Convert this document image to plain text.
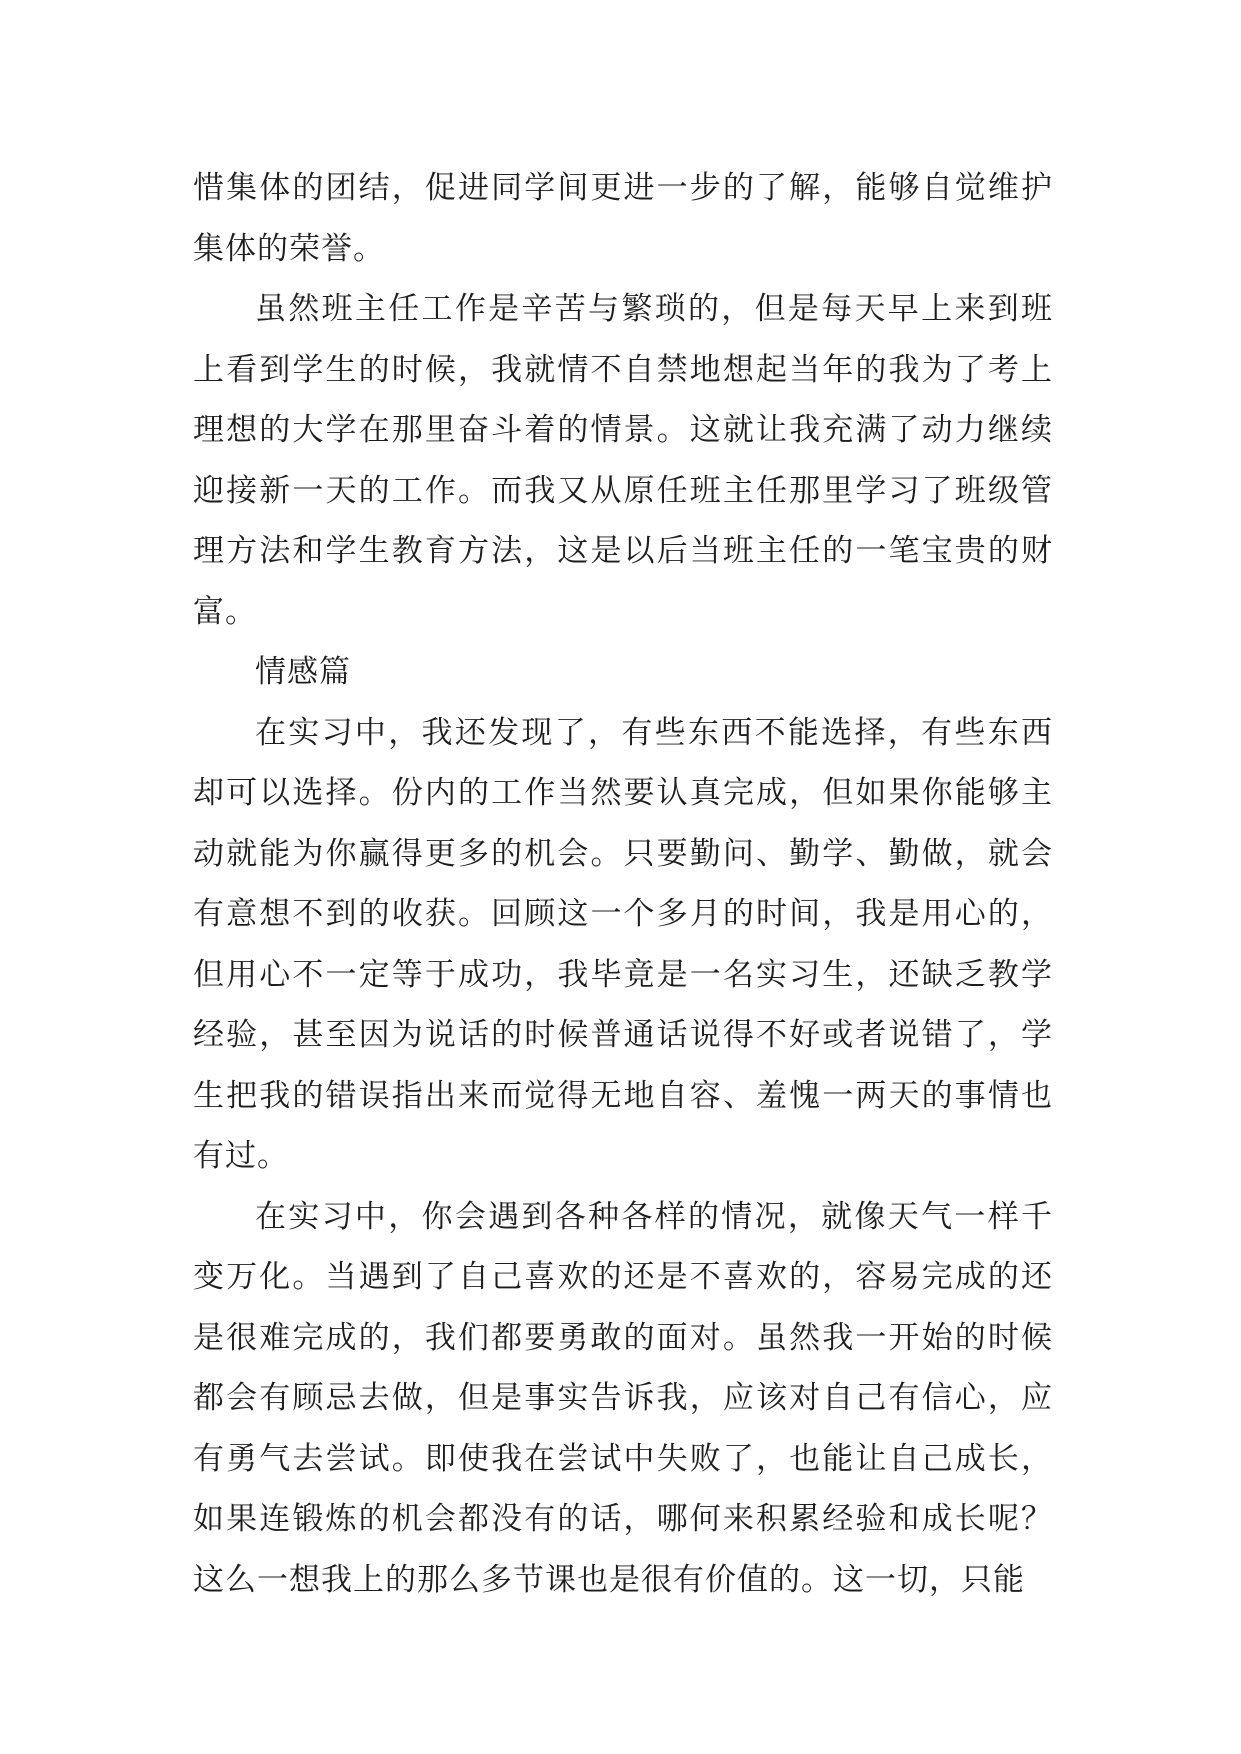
惜集体的团结，促进同学间更进一步的了解，能够自觉维护集体的荣誉。

虽然班主任工作是辛苦与繁琐的，但是每天早上来到班上看到学生的时候，我就情不自禁地想起当年的我为了考上理想的大学在那里奋斗着的情景。这就让我充满了动力继续迎接新一天的工作。而我又从原任班主任那里学习了班级管理方法和学生教育方法，这是以后当班主任的一笔宝贵的财富。

情感篇

在实习中，我还发现了，有些东西不能选择，有些东西却可以选择。份内的工作当然要认真完成，但如果你能够主动就能为你赢得更多的机会。只要勤问、勤学、勤做，就会有意想不到的收获。回顾这一个多月的时间，我是用心的，但用心不一定等于成功，我毕竟是一名实习生，还缺乏教学经验，甚至因为说话的时候普通话说得不好或者说错了，学生把我的错误指出来而觉得无地自容、羞愧一两天的事情也有过。

在实习中，你会遇到各种各样的情况，就像天气一样千变万化。当遇到了自己喜欢的还是不喜欢的，容易完成的还是很难完成的，我们都要勇敢的面对。虽然我一开始的时候都会有顾忌去做，但是事实告诉我，应该对自己有信心，应有勇气去尝试。即使我在尝试中失败了，也能让自己成长，如果连锻炼的机会都没有的话，哪何来积累经验和成长呢？这么一想我上的那么多节课也是很有价值的。这一切，只能
